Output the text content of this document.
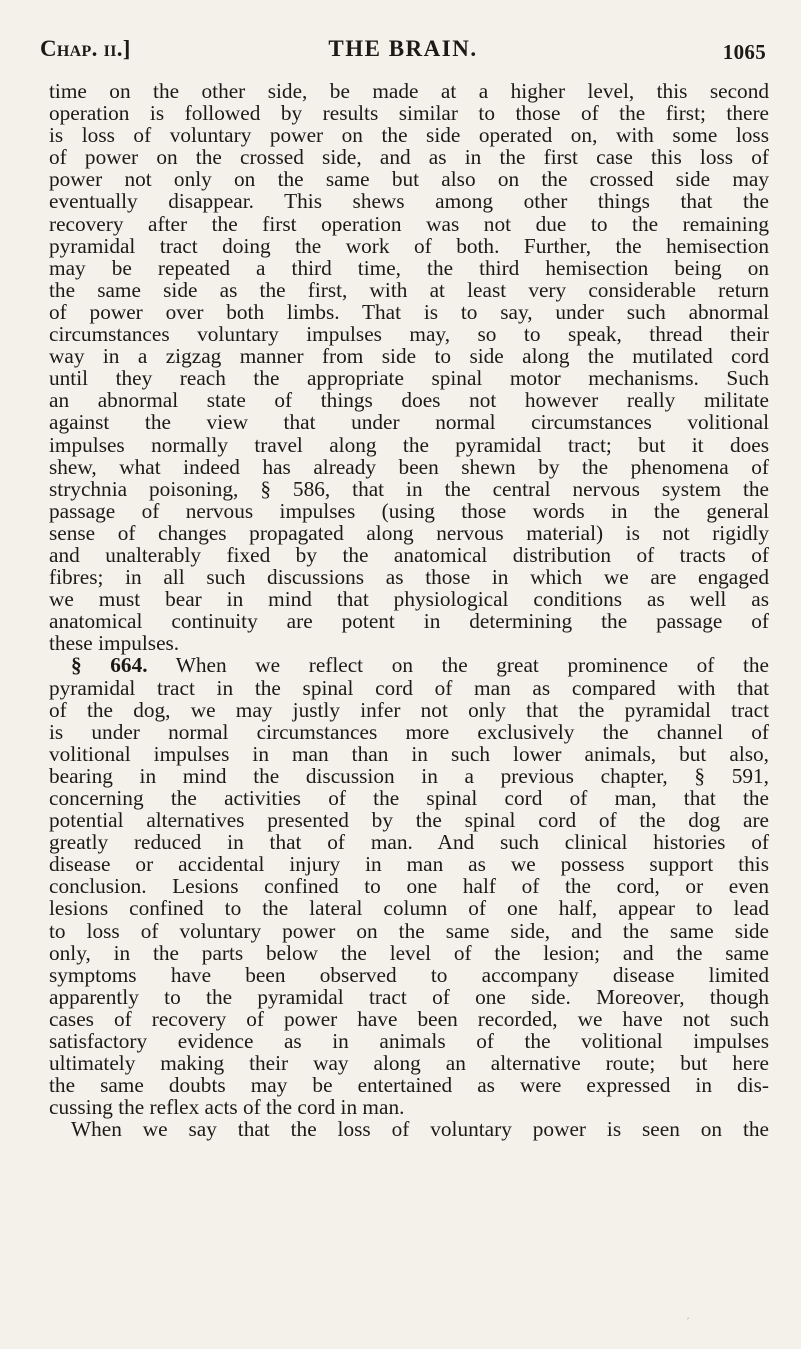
Chap. ii.]	THE BRAIN.	1065
time on the other side, be made at a higher level, this second
operation is followed by results similar to those of the first; there
is loss of voluntary power on the side operated on, with some loss
of power on the crossed side, and as in the first case this loss of
power not only on the same but also on the crossed side may
eventually disappear. This shews among other things that the
recovery after the first operation was not due to the remaining
pyramidal tract doing the work of both. Further, the hemisection
may be repeated a third time, the third hemisection being on
the same side as the first, with at least very considerable return
of power over both limbs. That is to say, under such abnormal
circumstances voluntary impulses may, so to speak, thread their
way in a zigzag manner from side to side along the mutilated cord
until they reach the appropriate spinal motor mechanisms. Such
an abnormal state of things does not however really militate
against the view that under normal circumstances volitional
impulses normally travel along the pyramidal tract; but it does
shew, what indeed has already been shewn by the phenomena of
strychnia poisoning, § 586, that in the central nervous system the
passage of nervous impulses (using those words in the general
sense of changes propagated along nervous material) is not rigidly
and unalterably fixed by the anatomical distribution of tracts of
fibres; in all such discussions as those in which we are engaged
we must bear in mind that physiological conditions as well as
anatomical continuity are potent in determining the passage of
these impulses.
§ 664. When we reflect on the great prominence of the
pyramidal tract in the spinal cord of man as compared with that
of the dog, we may justly infer not only that the pyramidal tract
is under normal circumstances more exclusively the channel of
volitional impulses in man than in such lower animals, but also,
bearing in mind the discussion in a previous chapter, § 591,
concerning the activities of the spinal cord of man, that the
potential alternatives presented by the spinal cord of the dog are
greatly reduced in that of man. And such clinical histories of
disease or accidental injury in man as we possess support this
conclusion. Lesions confined to one half of the cord, or even
lesions confined to the lateral column of one half, appear to lead
to loss of voluntary power on the same side, and the same side
only, in the parts below the level of the lesion; and the same
symptoms have been observed to accompany disease limited
apparently to the pyramidal tract of one side. Moreover, though
cases of recovery of power have been recorded, we have not such
satisfactory evidence as in animals of the volitional impulses
ultimately making their way along an alternative route; but here
the same doubts may be entertained as were expressed in dis-
cussing the reflex acts of the cord in man.
When we say that the loss of voluntary power is seen on the
´
